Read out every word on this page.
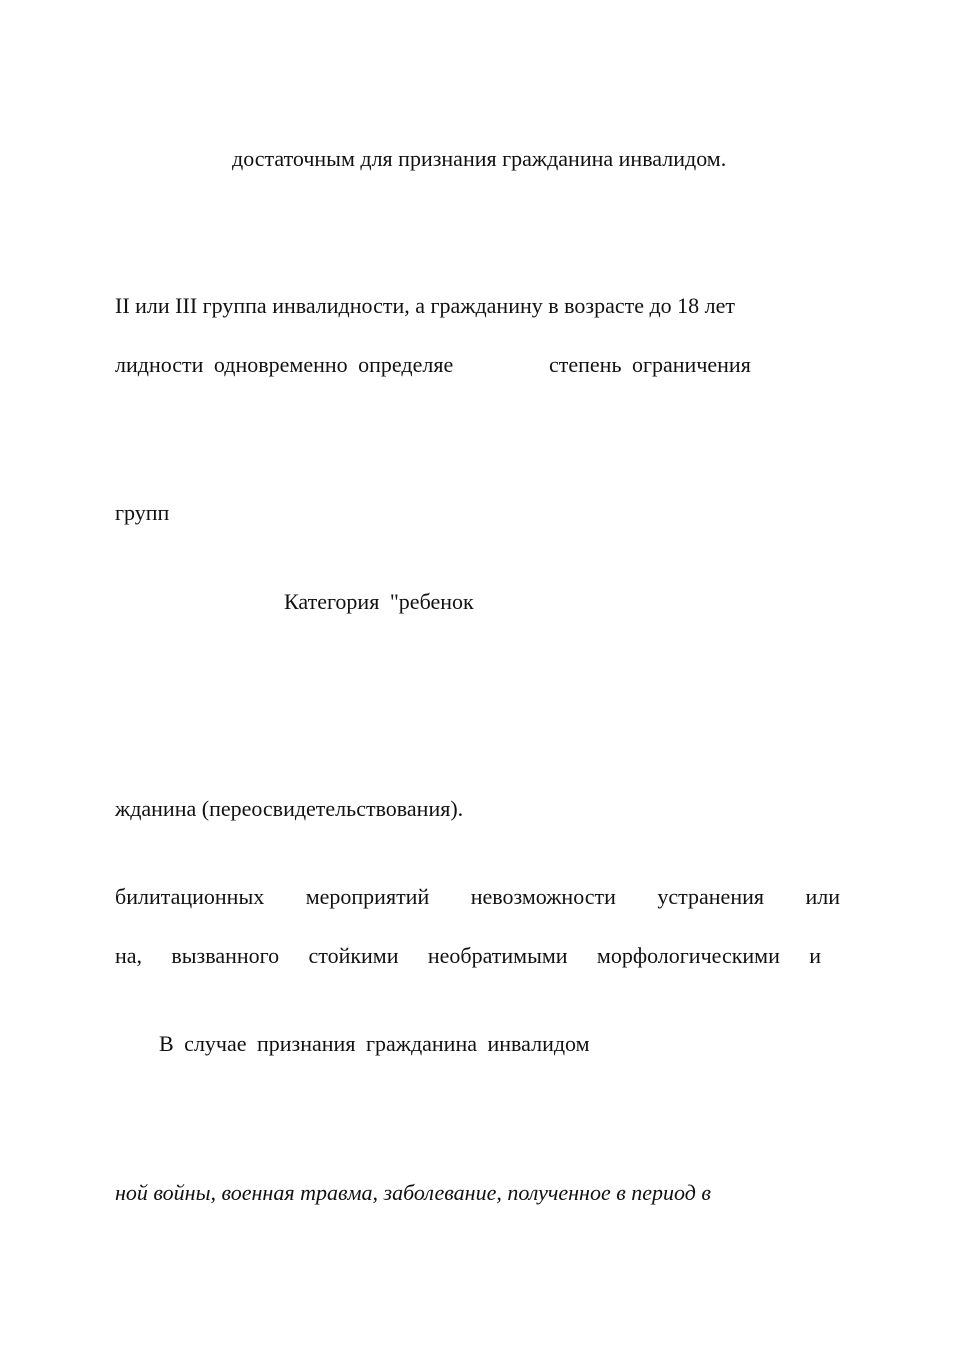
достаточным для признания гражданина инвалидом.
II или III группа инвалидности, а гражданину в возрасте до 18 лет
лидности одновременно определяе	степень ограничения
групп
Категория "ребенок
жданина (переосвидетельствования).
билитационных мероприятий невозможности устранения или
на, вызванного стойкими необратимыми морфологическими и
В случае признания гражданина инвалидом
ной войны, военная травма, заболевание, полученное в период в
